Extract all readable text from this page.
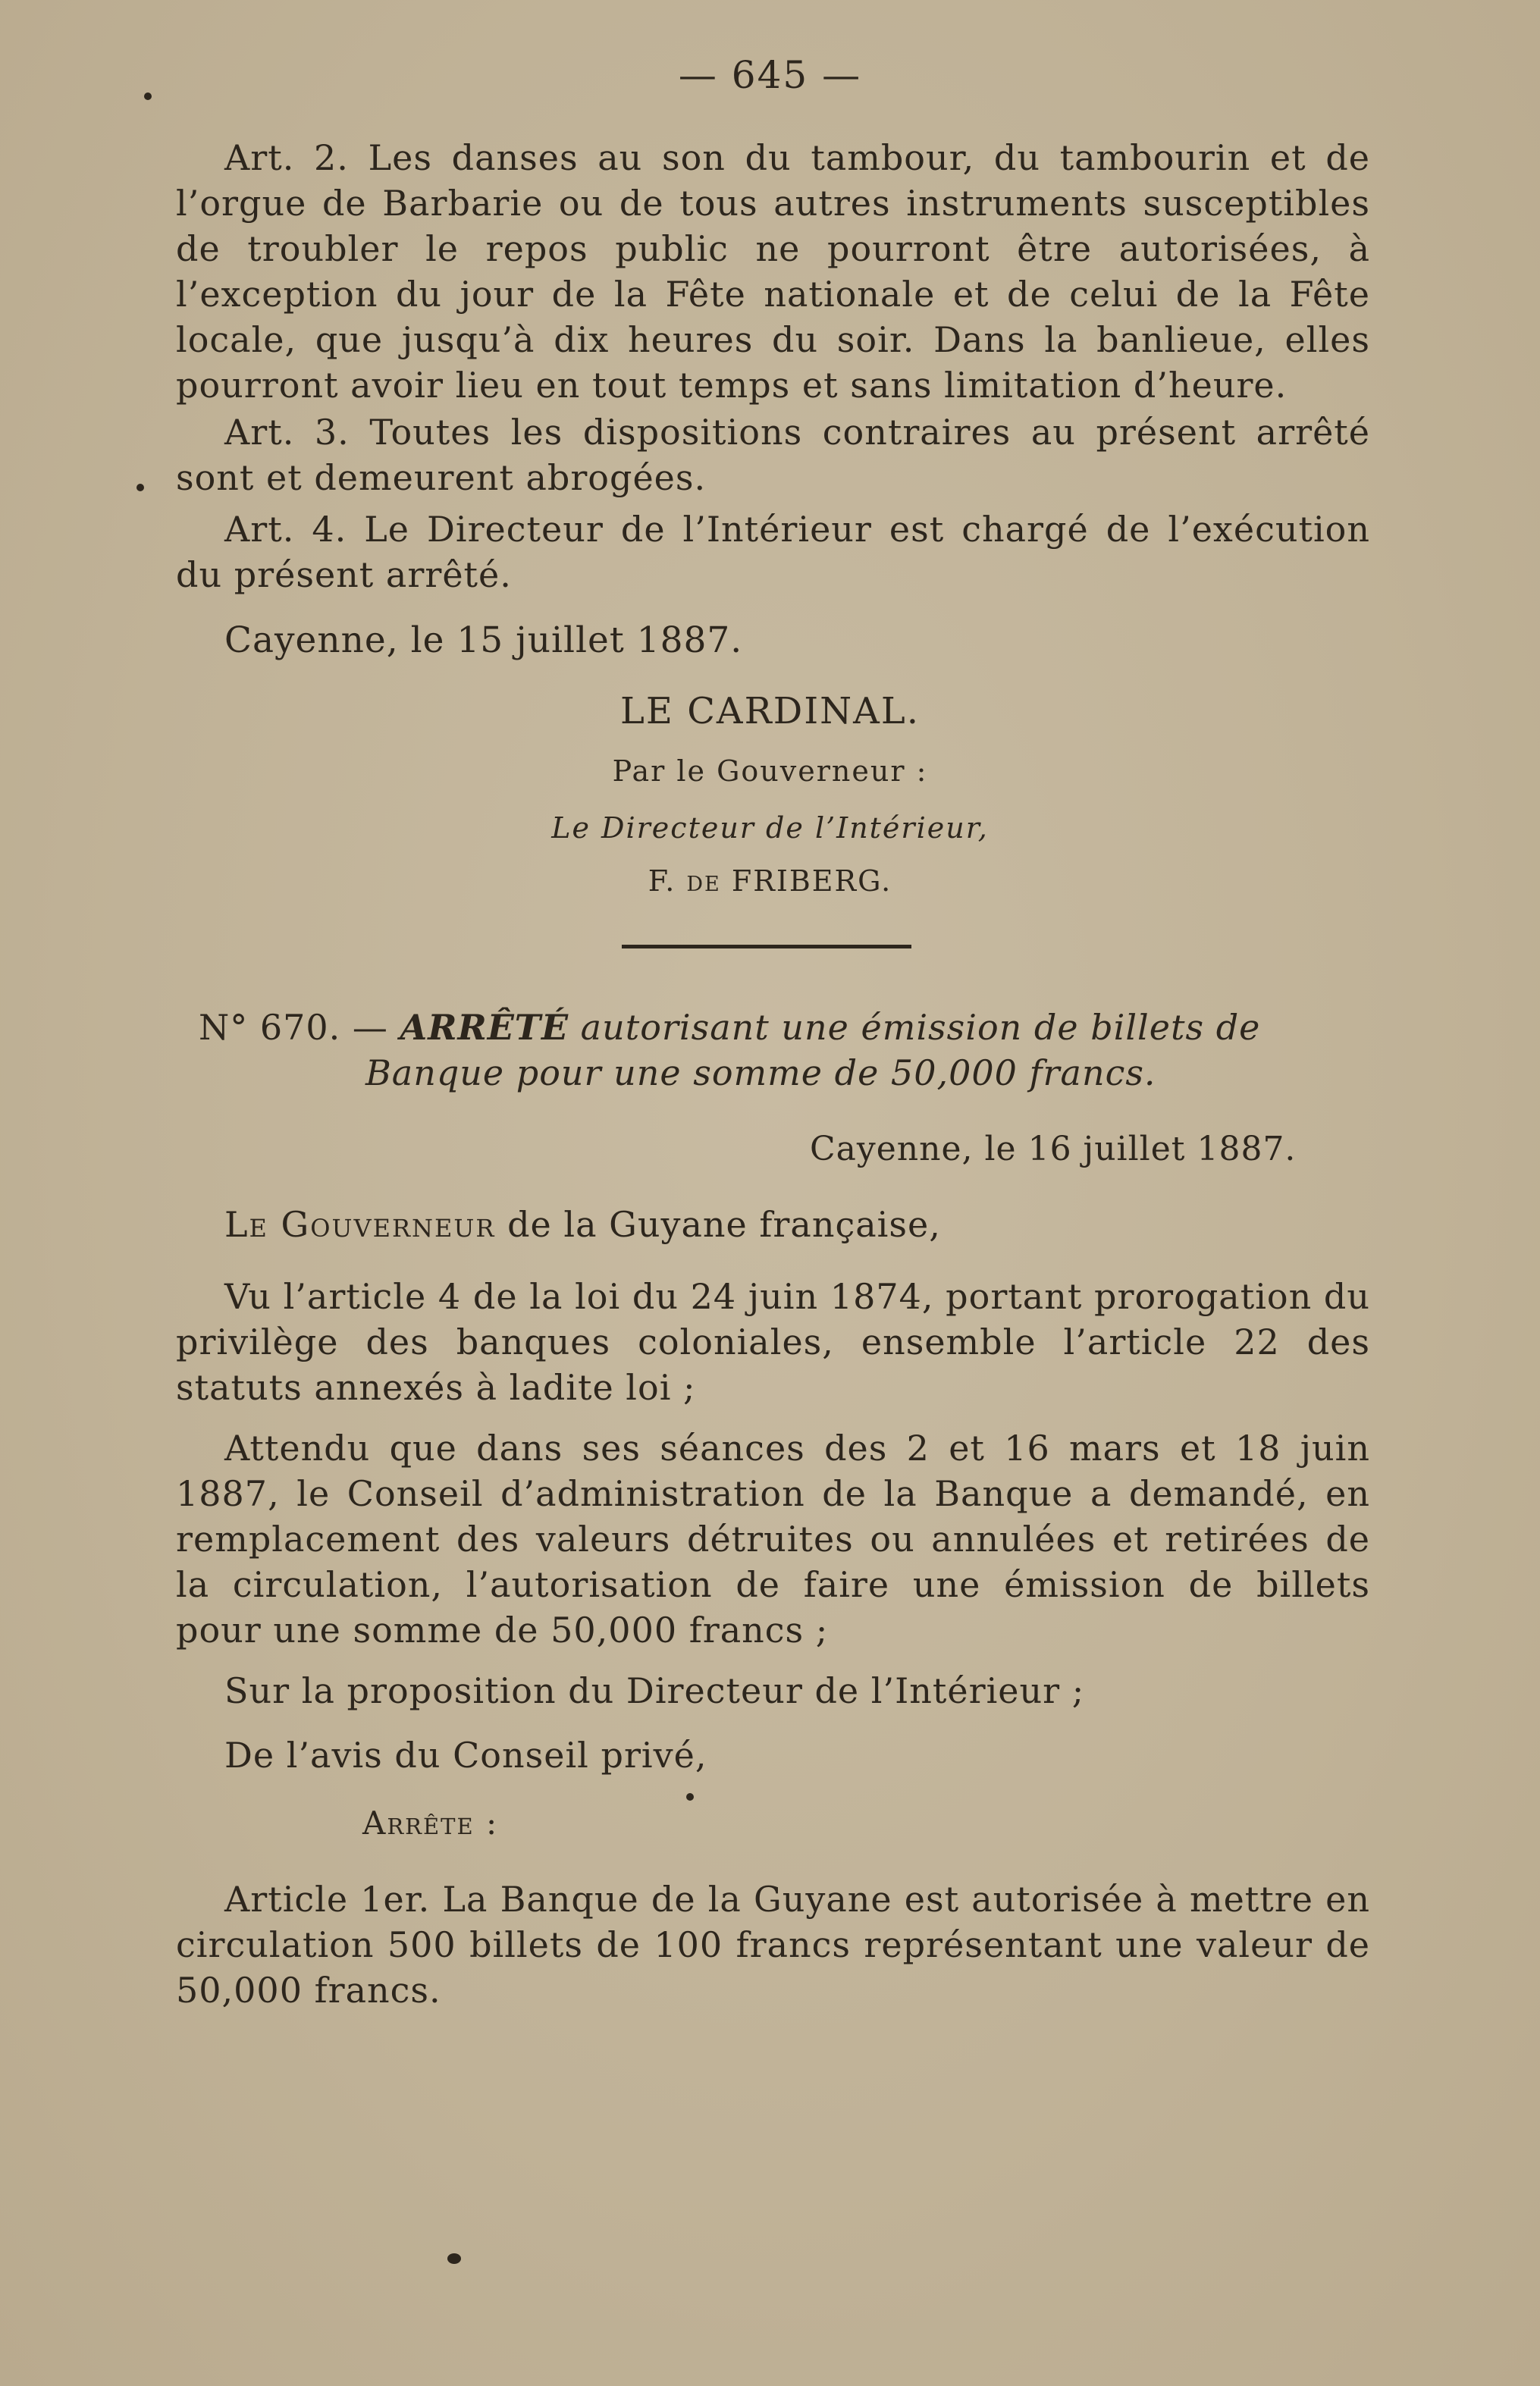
— 645 —
Art. 2. Les danses au son du tambour, du tambourin et de l’orgue de Barbarie ou de tous autres instruments susceptibles de troubler le repos public ne pourront être autorisées, à l’exception du jour de la Fête nationale et de celui de la Fête locale, que jusqu’à dix heures du soir. Dans la banlieue, elles pourront avoir lieu en tout temps et sans limitation d’heure.
Art. 3. Toutes les dispositions contraires au présent arrêté sont et demeurent abrogées.
Art. 4. Le Directeur de l’Intérieur est chargé de l’exécution du présent arrêté.
Cayenne, le 15 juillet 1887.
LE CARDINAL.
Par le Gouverneur :
Le Directeur de l’Intérieur,
F. de FRIBERG.
N° 670. — ARRÊTÉ autorisant une émission de billets de
Banque pour une somme de 50,000 francs.
Cayenne, le 16 juillet 1887.
Le Gouverneur de la Guyane française,
Vu l’article 4 de la loi du 24 juin 1874, portant prorogation du privilège des banques coloniales, ensemble l’article 22 des statuts annexés à ladite loi ;
Attendu que dans ses séances des 2 et 16 mars et 18 juin 1887, le Conseil d’administration de la Banque a demandé, en remplacement des valeurs détruites ou annulées et retirées de la circulation, l’autorisation de faire une émission de billets pour une somme de 50,000 francs ;
Sur la proposition du Directeur de l’Intérieur ;
De l’avis du Conseil privé,
Arrête :
Article 1er. La Banque de la Guyane est autorisée à mettre en circulation 500 billets de 100 francs représentant une valeur de 50,000 francs.
